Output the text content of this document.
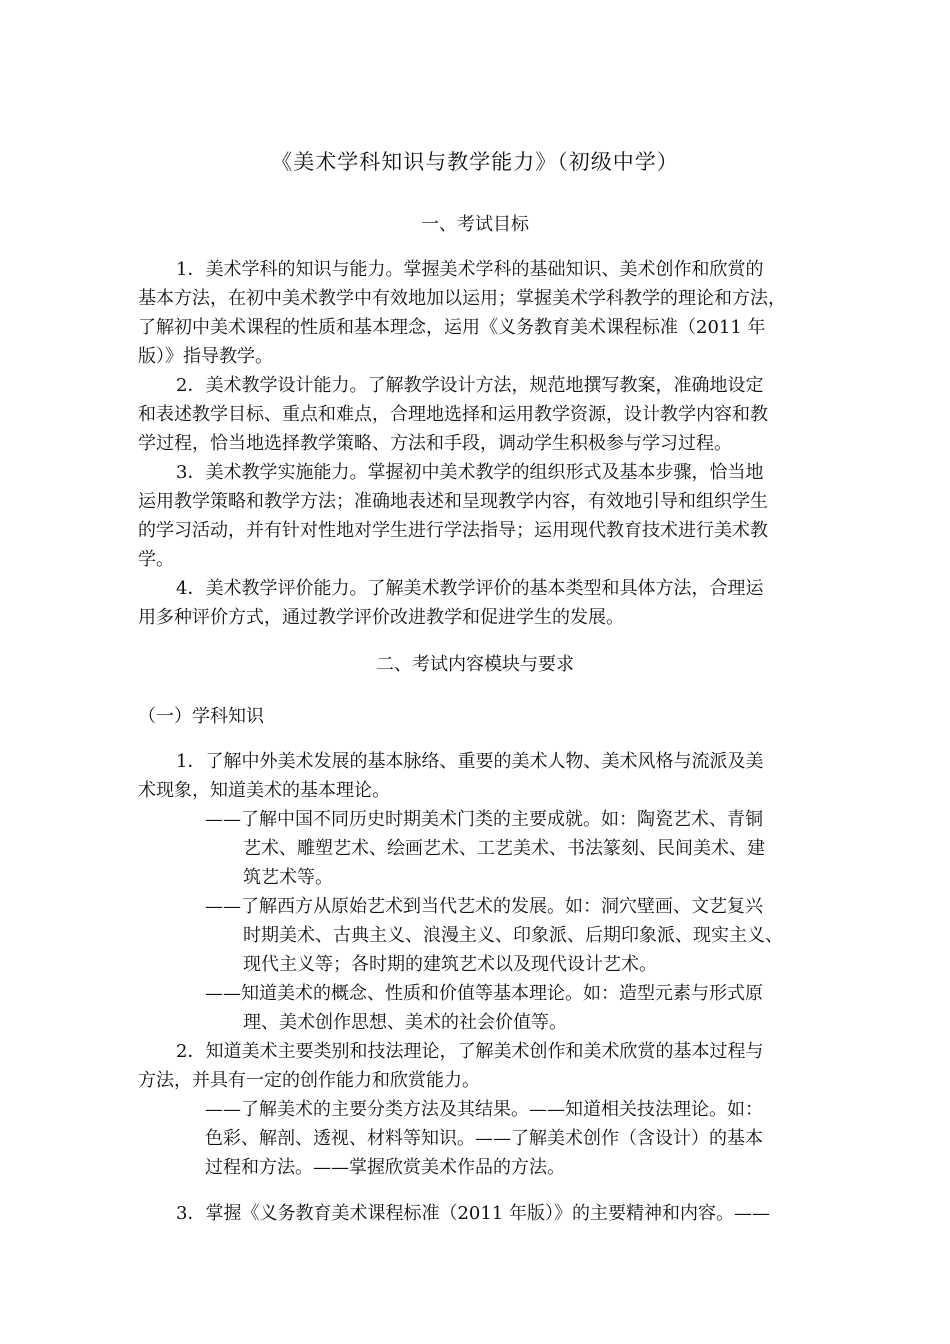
《美术学科知识与教学能力》（初级中学）
一、考试目标
1．美术学科的知识与能力。掌握美术学科的基础知识、美术创作和欣赏的
基本方法，在初中美术教学中有效地加以运用；掌握美术学科教学的理论和方法，
了解初中美术课程的性质和基本理念，运用《义务教育美术课程标准（2011 年
版）》指导教学。
2．美术教学设计能力。了解教学设计方法，规范地撰写教案，准确地设定
和表述教学目标、重点和难点，合理地选择和运用教学资源，设计教学内容和教
学过程，恰当地选择教学策略、方法和手段，调动学生积极参与学习过程。
3．美术教学实施能力。掌握初中美术教学的组织形式及基本步骤，恰当地
运用教学策略和教学方法；准确地表述和呈现教学内容，有效地引导和组织学生
的学习活动，并有针对性地对学生进行学法指导；运用现代教育技术进行美术教
学。
4．美术教学评价能力。了解美术教学评价的基本类型和具体方法，合理运
用多种评价方式，通过教学评价改进教学和促进学生的发展。
二、考试内容模块与要求
（一）学科知识
1．了解中外美术发展的基本脉络、重要的美术人物、美术风格与流派及美
术现象，知道美术的基本理论。
——了解中国不同历史时期美术门类的主要成就。如：陶瓷艺术、青铜
艺术、雕塑艺术、绘画艺术、工艺美术、书法篆刻、民间美术、建
筑艺术等。
——了解西方从原始艺术到当代艺术的发展。如：洞穴壁画、文艺复兴
时期美术、古典主义、浪漫主义、印象派、后期印象派、现实主义、
现代主义等；各时期的建筑艺术以及现代设计艺术。
——知道美术的概念、性质和价值等基本理论。如：造型元素与形式原
理、美术创作思想、美术的社会价值等。
2．知道美术主要类别和技法理论，了解美术创作和美术欣赏的基本过程与
方法，并具有一定的创作能力和欣赏能力。
——了解美术的主要分类方法及其结果。——知道相关技法理论。如：
色彩、解剖、透视、材料等知识。——了解美术创作（含设计）的基本
过程和方法。——掌握欣赏美术作品的方法。
3．掌握《义务教育美术课程标准（2011 年版）》的主要精神和内容。——
